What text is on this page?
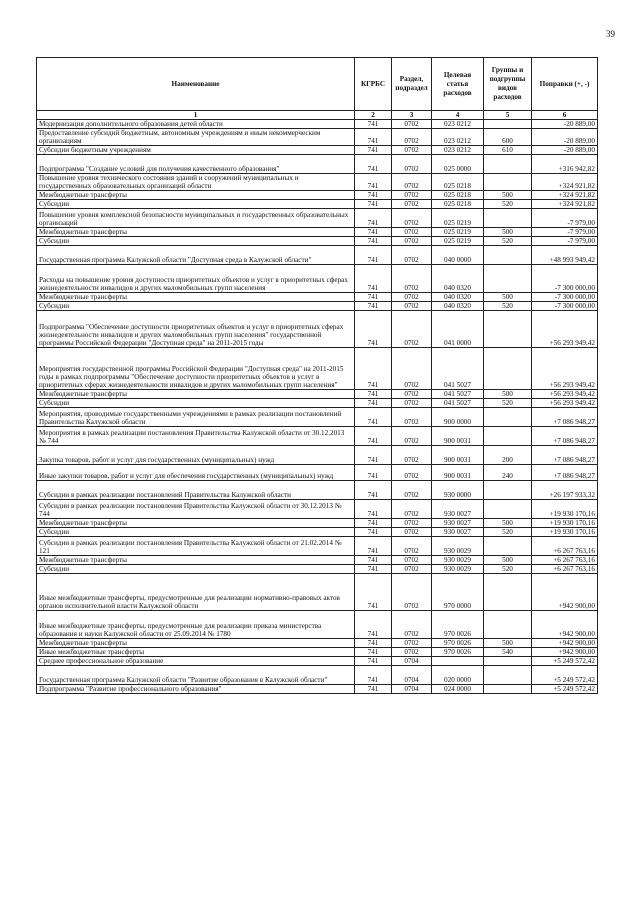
39
Наименование	КГРБС	Раздел, подраздел	Целевая статья расходов	Группы и подгруппы видов расходов	Поправки (+, -)
1	2	3	4	5	6
Модернизация дополнительного образования детей области	741	0702	023 0212		-20 889,00
Предоставление субсидий бюджетным, автономным учреждениям и иным некоммерческим организациям	741	0702	023 0212	600	-20 889,00
Субсидии бюджетным учреждениям	741	0702	023 0212	610	-20 889,00
Подпрограмма "Создание условий для получения качественного образования"	741	0702	025 0000		+316 942,82
Повышение уровня технического состояния зданий и сооружений муниципальных и государственных образовательных организаций области	741	0702	025 0218		+324 921,82
Межбюджетные трансферты	741	0702	025 0218	500	+324 921,82
Субсидии	741	0702	025 0218	520	+324 921,82
Повышение уровня комплексной безопасности муниципальных и государственных образовательных организаций	741	0702	025 0219		-7 979,00
Межбюджетные трансферты	741	0702	025 0219	500	-7 979,00
Субсидии	741	0702	025 0219	520	-7 979,00
Государственная программа Калужской области "Доступная среда в Калужской области"	741	0702	040 0000		+48 993 949,42
Расходы на повышение уровня доступности приоритетных объектов и услуг в приоритетных сферах жизнедеятельности инвалидов и других маломобильных групп населения	741	0702	040 0320		-7 300 000,00
Межбюджетные трансферты	741	0702	040 0320	500	-7 300 000,00
Субсидии	741	0702	040 0320	520	-7 300 000,00
Подпрограмма "Обеспечение доступности приоритетных объектов и услуг в приоритетных сферах жизнедеятельности инвалидов и других маломобильных групп населения" государственной программы Российской Федерации "Доступная среда" на 2011-2015 годы	741	0702	041 0000		+56 293 949,42
Мероприятия государственной программы Российской Федерации "Доступная среда" на 2011-2015 годы в рамках подпрограммы "Обеспечение доступности приоритетных объектов и услуг в приоритетных сферах жизнедеятельности инвалидов и других маломобильных групп населения"	741	0702	041 5027		+56 293 949,42
Межбюджетные трансферты	741	0702	041 5027	500	+56 293 949,42
Субсидии	741	0702	041 5027	520	+56 293 949,42
Мероприятия, проводимые государственными учреждениями в рамках реализации постановлений Правительства Калужской области	741	0702	900 0000		+7 086 948,27
Мероприятия в рамках реализации постановления Правительства Калужской области от 30.12.2013 № 744	741	0702	900 0031		+7 086 948,27
Закупка товаров, работ и услуг для государственных (муниципальных) нужд	741	0702	900 0031	200	+7 086 948,27
Иные закупки товаров, работ и услуг для обеспечения государственных (муниципальных) нужд	741	0702	900 0031	240	+7 086 948,27
Субсидии в рамках реализации постановлений Правительства Калужской области	741	0702	930 0000		+26 197 933,32
Субсидии в рамках реализации постановления Правительства Калужской области от 30.12.2013 № 744	741	0702	930 0027		+19 930 170,16
Межбюджетные трансферты	741	0702	930 0027	500	+19 930 170,16
Субсидии	741	0702	930 0027	520	+19 930 170,16
Субсидии в рамках реализации постановления Правительства Калужской области от 21.02.2014 № 121	741	0702	930 0029		+6 267 763,16
Межбюджетные трансферты	741	0702	930 0029	500	+6 267 763,16
Субсидии	741	0702	930 0029	520	+6 267 763,16
Иные межбюджетные трансферты, предусмотренные для реализации нормативно-правовых актов органов исполнительной власти Калужской области	741	0702	970 0000		+942 900,00
Иные межбюджетные трансферты, предусмотренные для реализации приказа министерства образования и науки Калужской области от 25.09.2014 № 1780	741	0702	970 0026		+942 900,00
Межбюджетные трансферты	741	0702	970 0026	500	+942 900,00
Иные межбюджетные трансферты	741	0702	970 0026	540	+942 900,00
Среднее профессиональное образование	741	0704			+5 249 572,42
Государственная программа Калужской области "Развитие образования в Калужской области"	741	0704	020 0000		+5 249 572,42
Подпрограмма "Развитие профессионального образования"	741	0704	024 0000		+5 249 572,42
